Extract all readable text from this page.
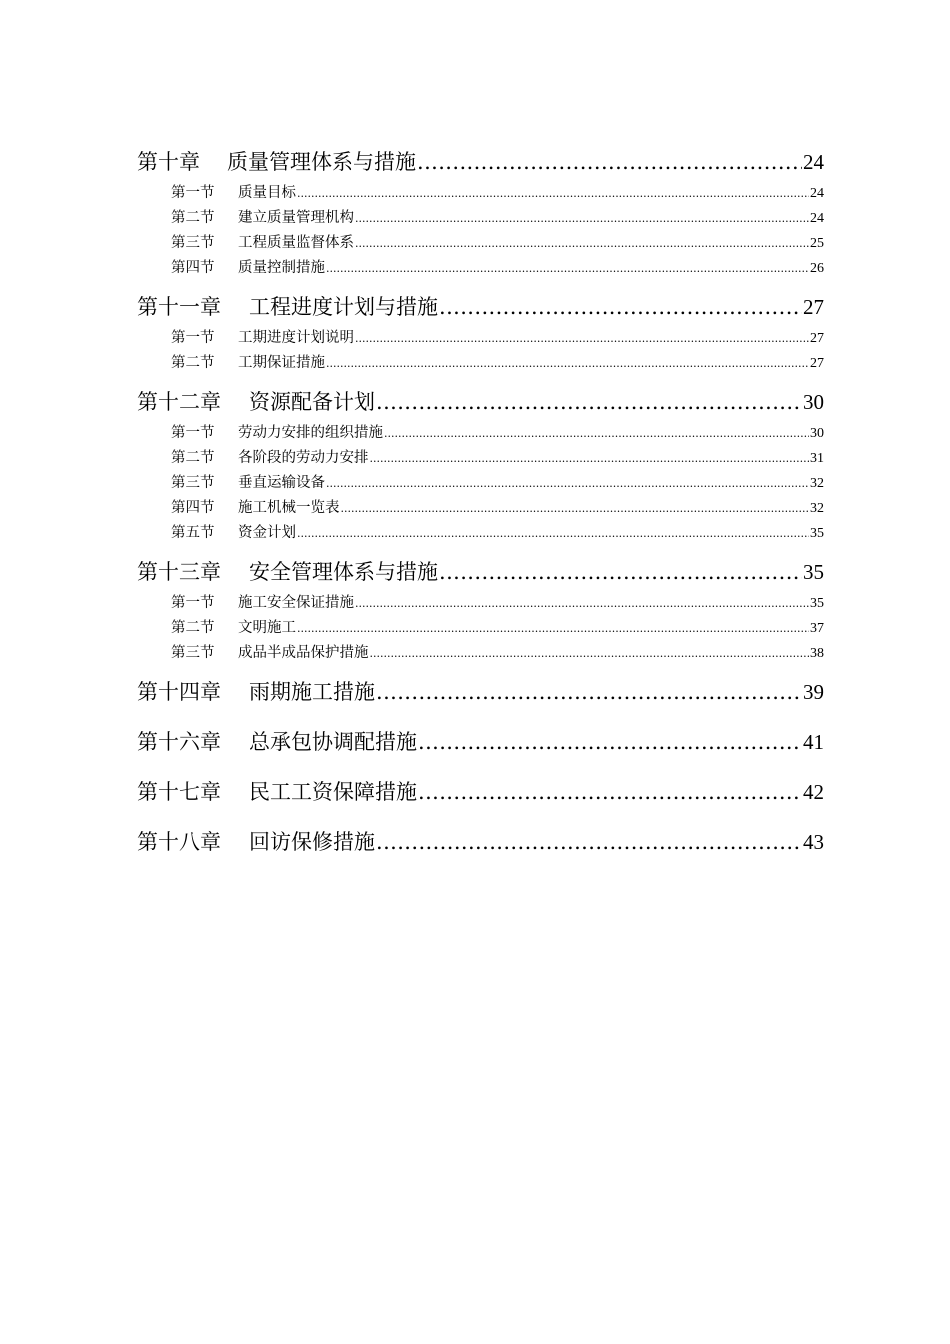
第十章	质量管理体系与措施 .....	24
第一节	质量目标 .....	24
第二节	建立质量管理机构 .....	24
第三节	工程质量监督体系 .....	25
第四节	质量控制措施 .....	26
第十一章	工程进度计划与措施 .....	27
第一节	工期进度计划说明 .....	27
第二节	工期保证措施 .....	27
第十二章	资源配备计划 .....	30
第一节	劳动力安排的组织措施 .....	30
第二节	各阶段的劳动力安排 .....	31
第三节	垂直运输设备 .....	32
第四节	施工机械一览表 .....	32
第五节	资金计划 .....	35
第十三章	安全管理体系与措施 .....	35
第一节	施工安全保证措施 .....	35
第二节	文明施工 .....	37
第三节	成品半成品保护措施 .....	38
第十四章	雨期施工措施 .....	39
第十六章	总承包协调配措施 .....	41
第十七章	民工工资保障措施 .....	42
第十八章	回访保修措施 .....	43
